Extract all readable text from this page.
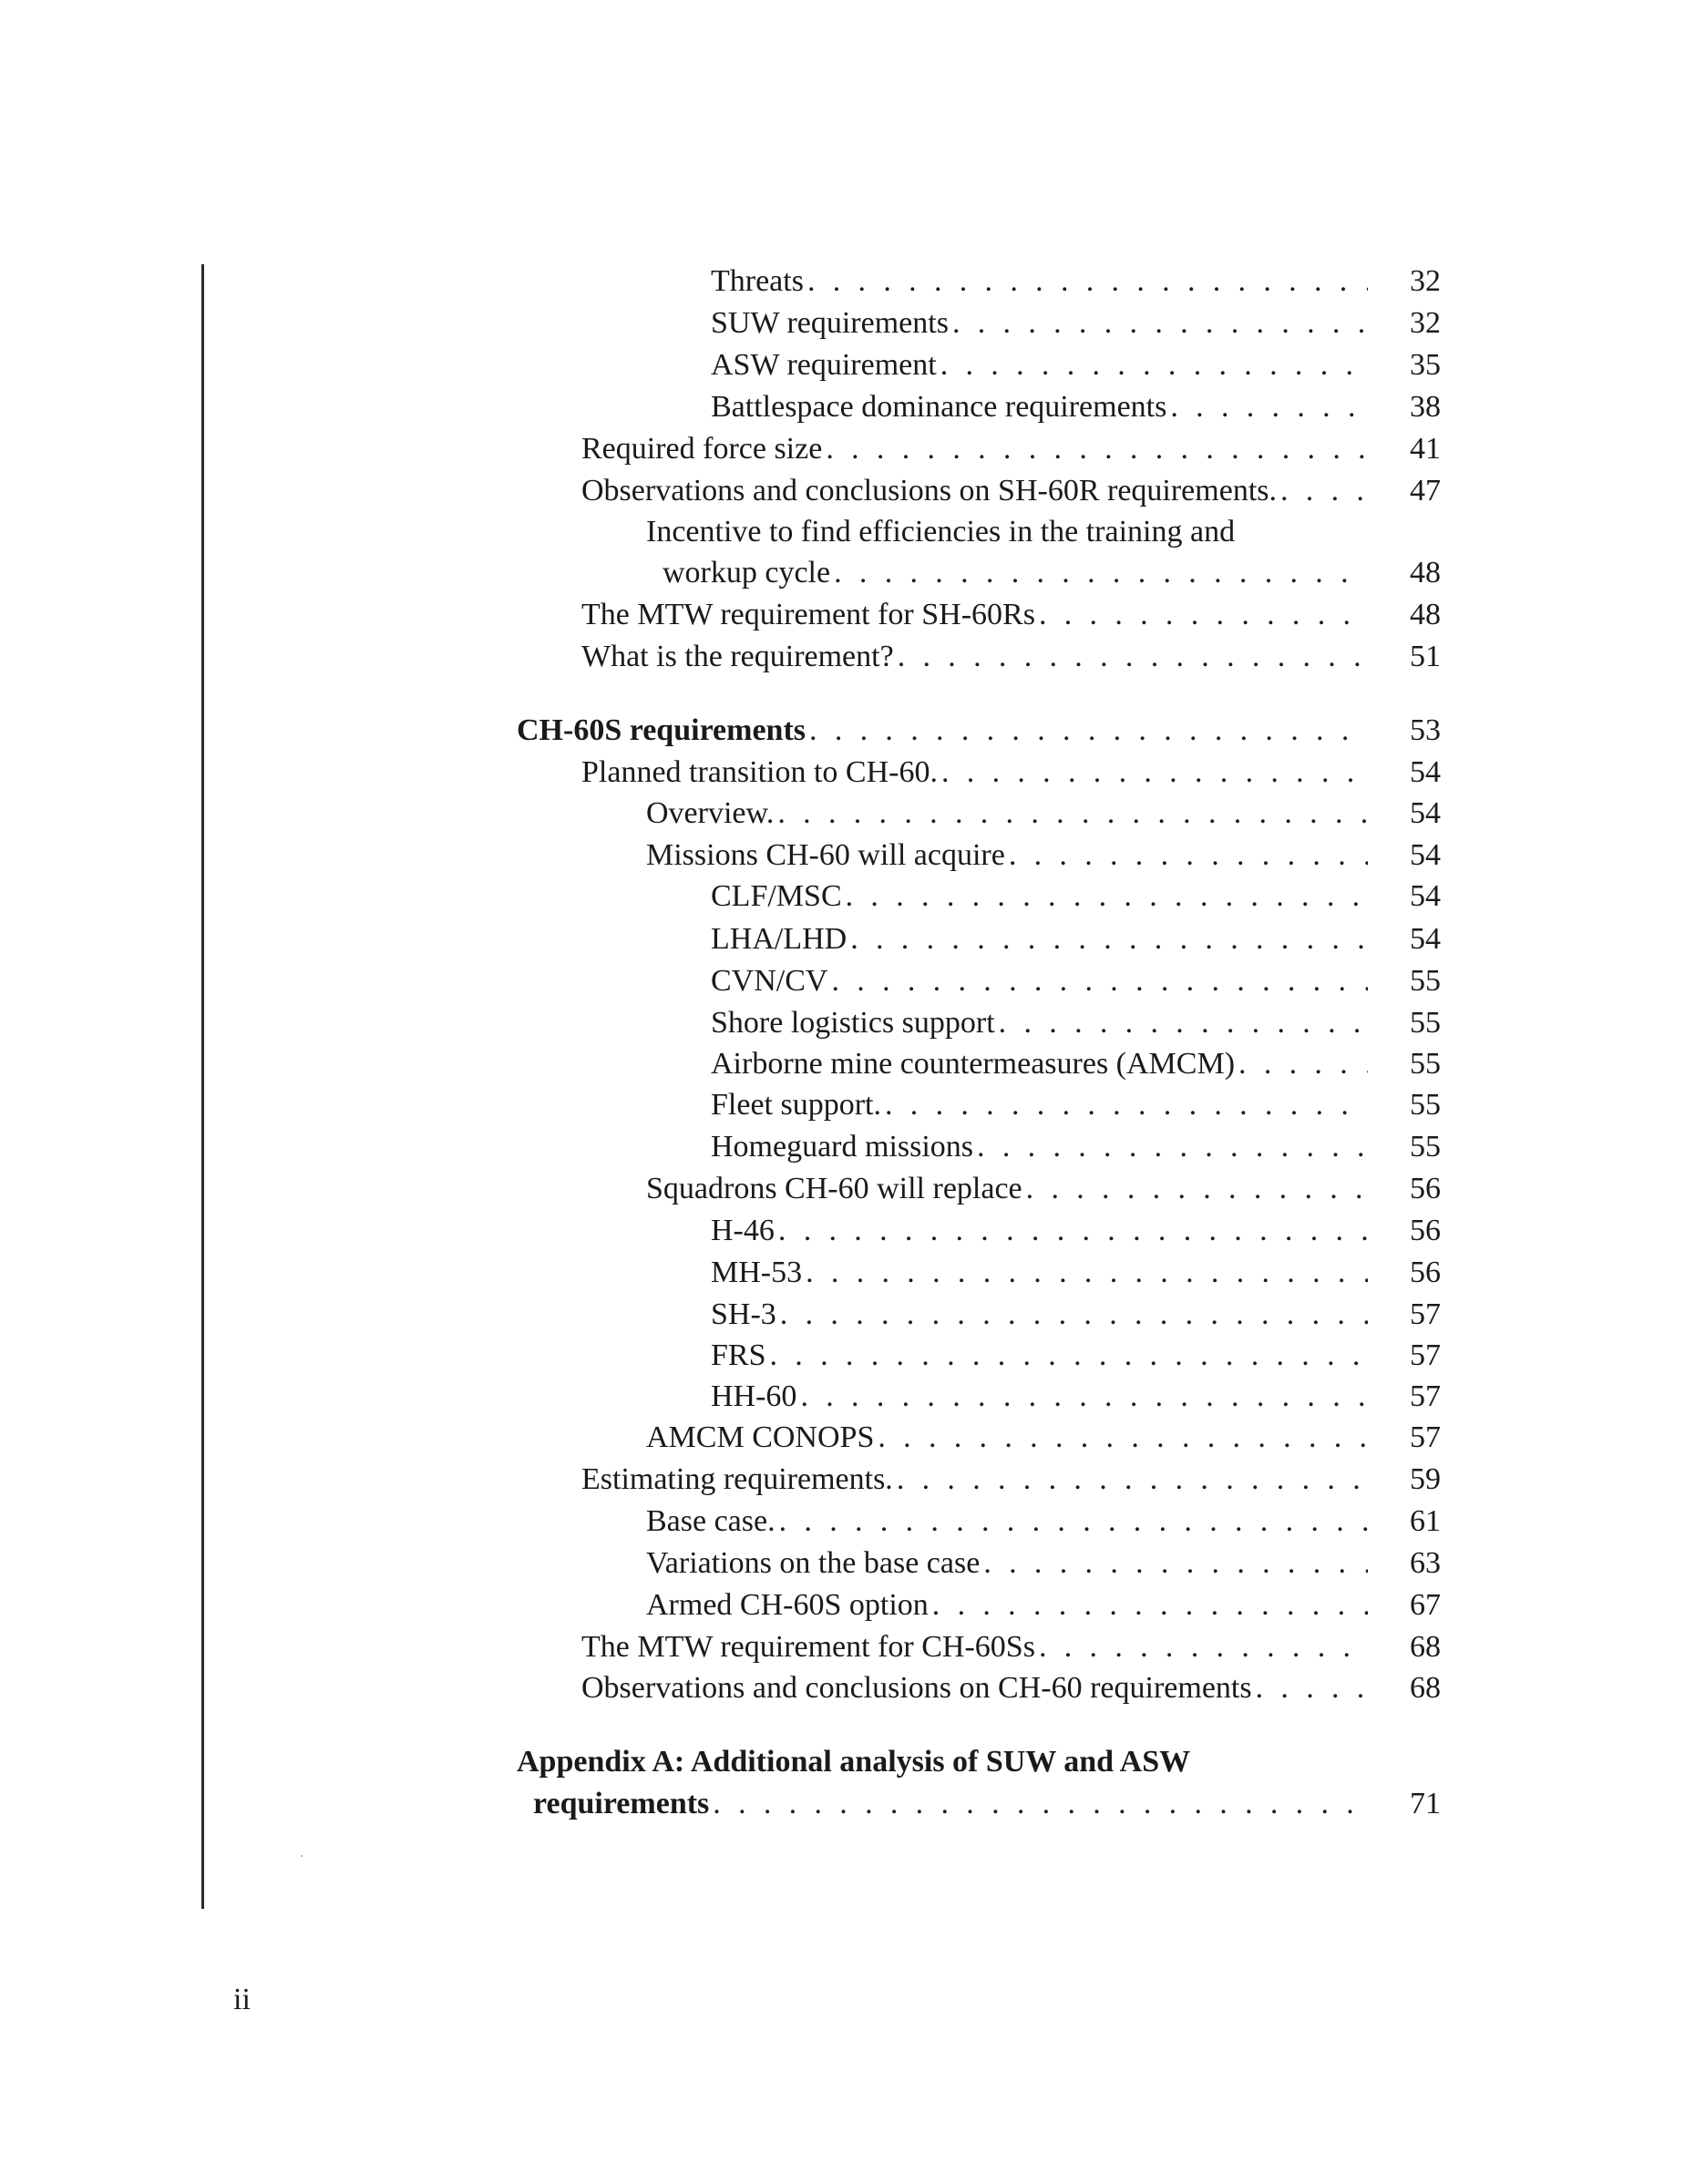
Threats . . .	32
SUW requirements . . .	32
ASW requirement . . .	35
Battlespace dominance requirements . . .	38
Required force size . . .	41
Observations and conclusions on SH-60R requirements. . . .	47
Incentive to find efficiencies in the training and
workup cycle . . .	48
The MTW requirement for SH-60Rs . . .	48
What is the requirement? . . .	51
CH-60S requirements . . .	53
Planned transition to CH-60. . . .	54
Overview. . . .	54
Missions CH-60 will acquire . . .	54
CLF/MSC . . .	54
LHA/LHD . . .	54
CVN/CV . . .	55
Shore logistics support . . .	55
Airborne mine countermeasures (AMCM) . . .	55
Fleet support. . . .	55
Homeguard missions . . .	55
Squadrons CH-60 will replace . . .	56
H-46 . . .	56
MH-53 . . .	56
SH-3 . . .	57
FRS . . .	57
HH-60 . . .	57
AMCM CONOPS . . .	57
Estimating requirements. . . .	59
Base case. . . .	61
Variations on the base case . . .	63
Armed CH-60S option . . .	67
The MTW requirement for CH-60Ss . . .	68
Observations and conclusions on CH-60 requirements . . .	68
Appendix A: Additional analysis of SUW and ASW
requirements . . .	71
ii
